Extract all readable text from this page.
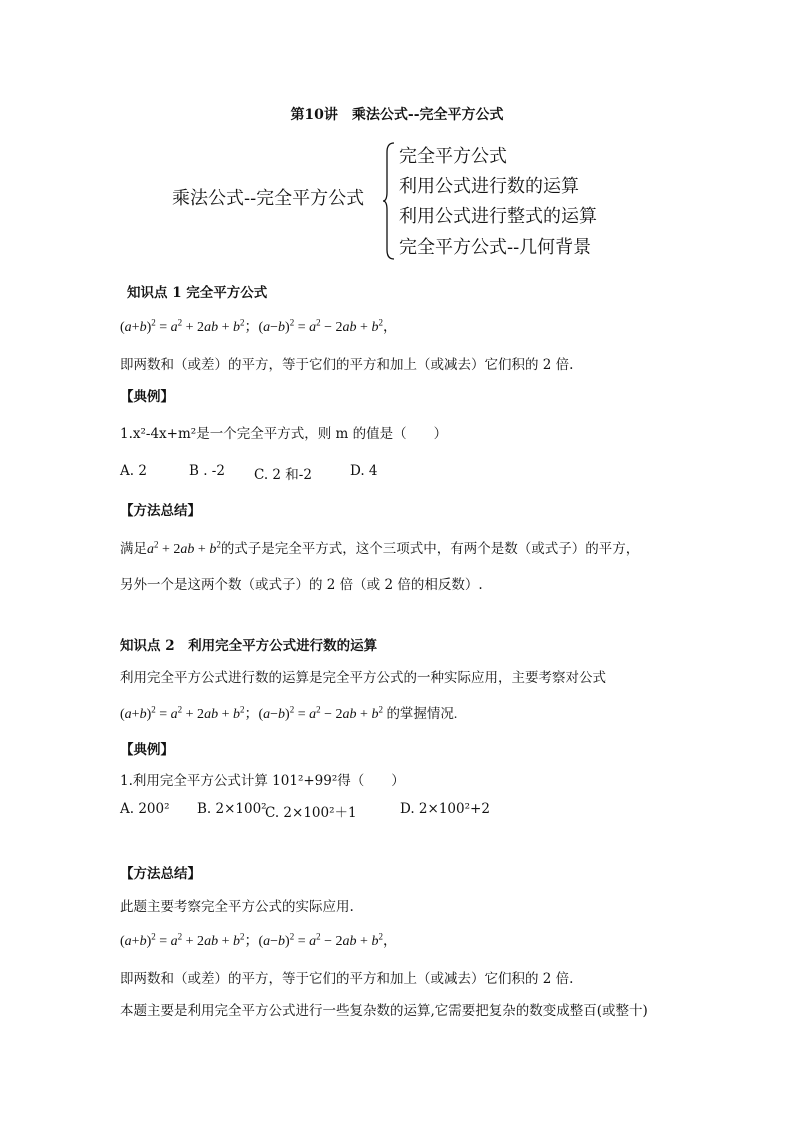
第10讲　乘法公式--完全平方公式
乘法公式--完全平方公式
完全平方公式
利用公式进行数的运算
利用公式进行整式的运算
完全平方公式--几何背景
知识点 1 完全平方公式
$(a+b)^2 = a^2 + 2ab + b^2$；$(a-b)^2 = a^2 - 2ab + b^2$，
即两数和（或差）的平方，等于它们的平方和加上（或减去）它们积的 2 倍.
【典例】
1.x²-4x+m²是一个完全平方式，则 m 的值是（　　）
A. 2	B . -2 C. 2 和-2	D. 4
【方法总结】
满足$a^2 + 2ab + b^2$的式子是完全平方式，这个三项式中，有两个是数（或式子）的平方，
另外一个是这两个数（或式子）的 2 倍（或 2 倍的相反数）.
知识点 2　利用完全平方公式进行数的运算
利用完全平方公式进行数的运算是完全平方公式的一种实际应用，主要考察对公式
$(a+b)^2 = a^2 + 2ab + b^2$；$(a-b)^2 = a^2 - 2ab + b^2$ 的掌握情况.
【典例】
1.利用完全平方公式计算 101²+99²得（　　）
A. 200² B. 2×100²
C. 2×100²＋1	D. 2×100²+2
【方法总结】
此题主要考察完全平方公式的实际应用.
$(a+b)^2 = a^2 + 2ab + b^2$；$(a-b)^2 = a^2 - 2ab + b^2$，
即两数和（或差）的平方，等于它们的平方和加上（或减去）它们积的 2 倍.
本题主要是利用完全平方公式进行一些复杂数的运算,它需要把复杂的数变成整百(或整十)
